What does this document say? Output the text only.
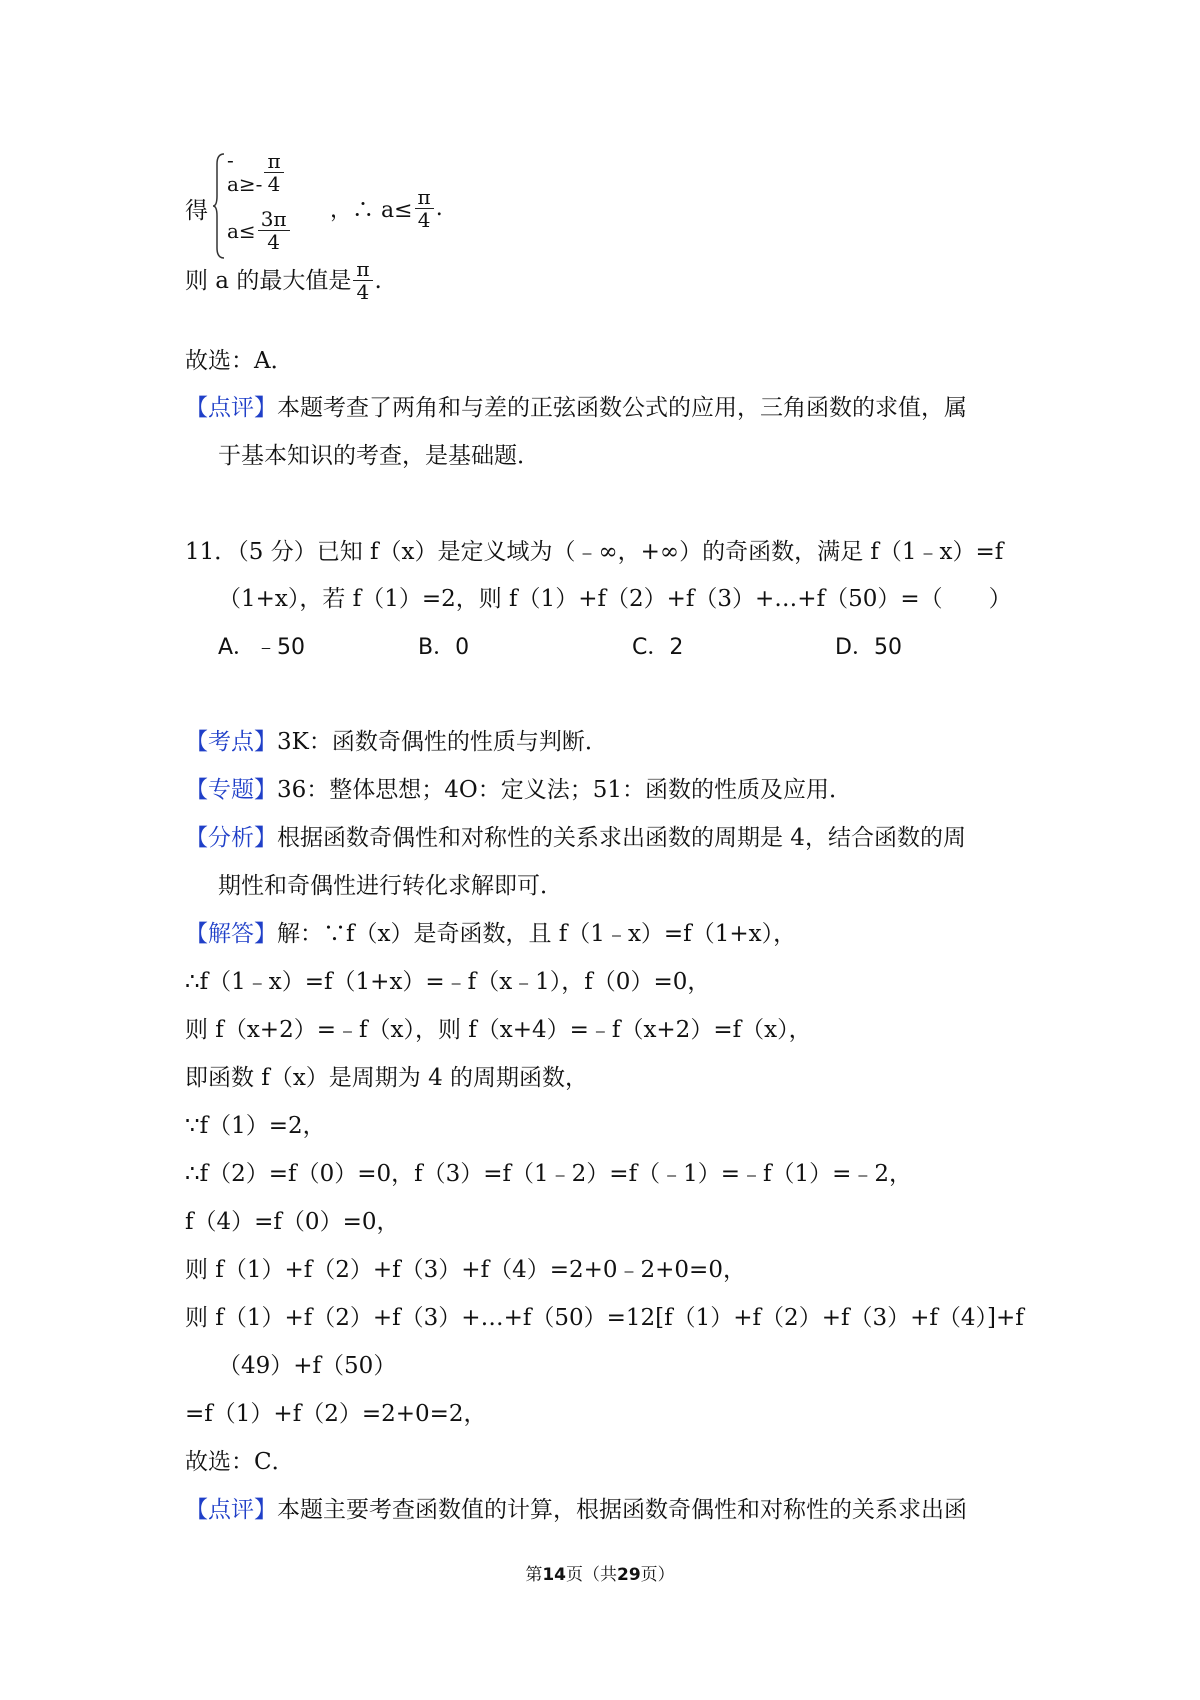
得
$-a\ge- \frac{\pi}{4}$
$a\le \frac{3\pi}{4}$ ，∴ $a\le \frac{\pi}{4}$ .
则 a 的最大值是 $\frac{\pi}{4}$ .
故选：A．
【点评】本题考查了两角和与差的正弦函数公式的应用，三角函数的求值，属
于基本知识的考查，是基础题．
11．（5 分）已知 f（x）是定义域为（﹣∞，+∞）的奇函数，满足 f（1﹣x）=f
（1+x），若 f（1）=2，则 f（1）+f（2）+f（3）+…+f（50）=（　　）
A．﹣50	B．0	C．2	D．50
【考点】3K：函数奇偶性的性质与判断．
【专题】36：整体思想；4O：定义法；51：函数的性质及应用．
【分析】根据函数奇偶性和对称性的关系求出函数的周期是 4，结合函数的周
期性和奇偶性进行转化求解即可．
【解答】解：∵f（x）是奇函数，且 f（1﹣x）=f（1+x），
∴f（1﹣x）=f（1+x）=﹣f（x﹣1），f（0）=0，
则 f（x+2）=﹣f（x），则 f（x+4）=﹣f（x+2）=f（x），
即函数 f（x）是周期为 4 的周期函数，
∵f（1）=2，
∴f（2）=f（0）=0，f（3）=f（1﹣2）=f（﹣1）=﹣f（1）=﹣2，
f（4）=f（0）=0，
则 f（1）+f（2）+f（3）+f（4）=2+0﹣2+0=0，
则 f（1）+f（2）+f（3）+…+f（50）=12[f（1）+f（2）+f（3）+f（4）]+f
（49）+f（50）
=f（1）+f（2）=2+0=2，
故选：C．
【点评】本题主要考查函数值的计算，根据函数奇偶性和对称性的关系求出函
第14页（共29页）
